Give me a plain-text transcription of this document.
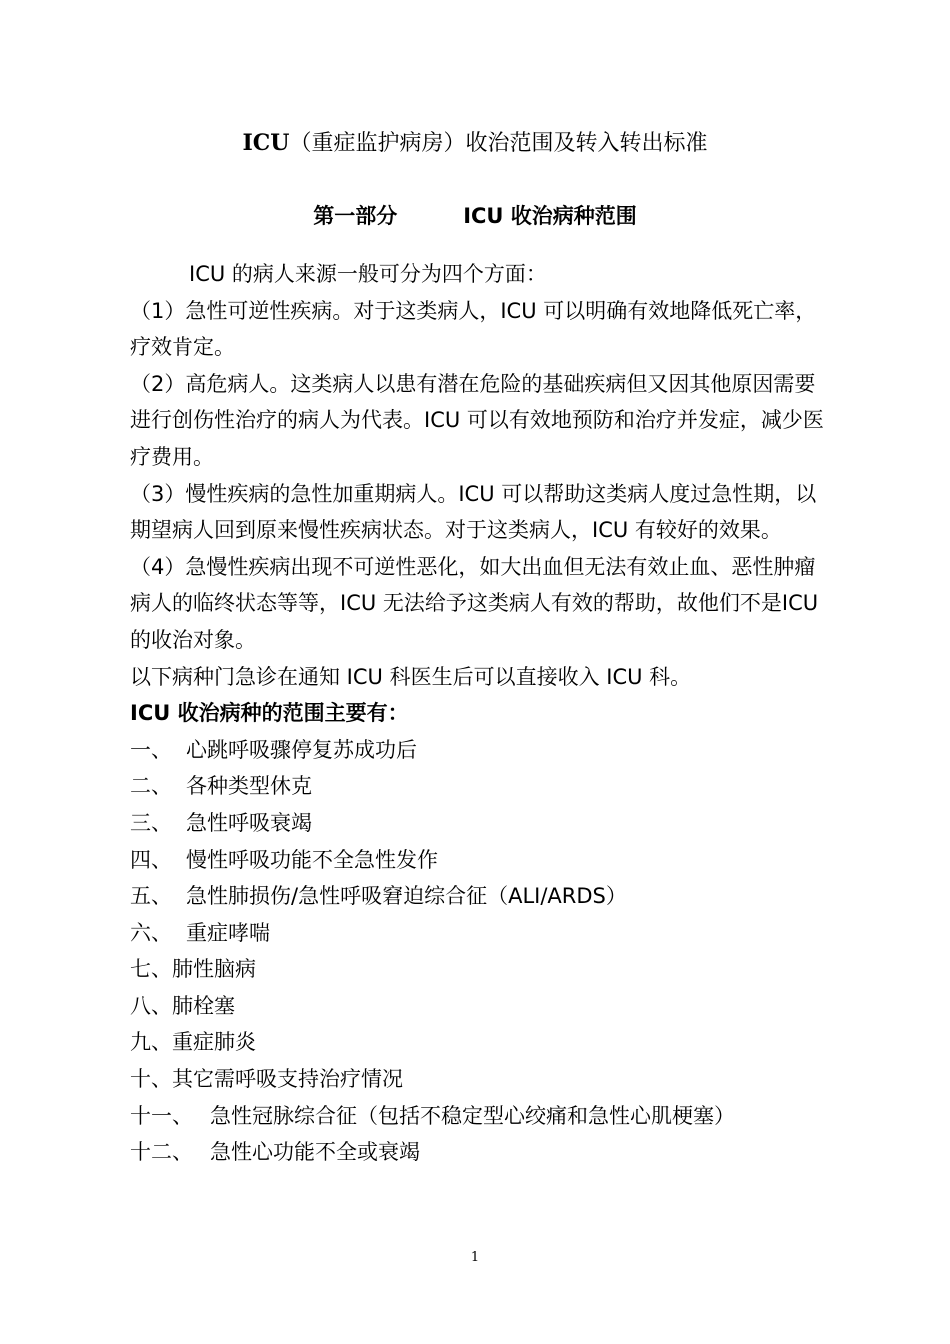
ICU（重症监护病房）收治范围及转入转出标准
第一部分	ICU 收治病种范围

ICU 的病人来源一般可分为四个方面：

（1）急性可逆性疾病。对于这类病人，ICU 可以明确有效地降低死亡率，疗效肯定。

（2）高危病人。这类病人以患有潜在危险的基础疾病但又因其他原因需要进行创伤性治疗的病人为代表。ICU 可以有效地预防和治疗并发症，减少医疗费用。

（3）慢性疾病的急性加重期病人。ICU 可以帮助这类病人度过急性期，以期望病人回到原来慢性疾病状态。对于这类病人，ICU 有较好的效果。

（4）急慢性疾病出现不可逆性恶化，如大出血但无法有效止血、恶性肿瘤病人的临终状态等等，ICU 无法给予这类病人有效的帮助，故他们不是ICU 的收治对象。

以下病种门急诊在通知 ICU 科医生后可以直接收入 ICU 科。

ICU 收治病种的范围主要有：

一、 心跳呼吸骤停复苏成功后

二、 各种类型休克

三、 急性呼吸衰竭

四、 慢性呼吸功能不全急性发作

五、 急性肺损伤/急性呼吸窘迫综合征（ALI/ARDS）

六、 重症哮喘

七、肺性脑病

八、肺栓塞

九、重症肺炎

十、其它需呼吸支持治疗情况

十一、 急性冠脉综合征（包括不稳定型心绞痛和急性心肌梗塞）

十二、 急性心功能不全或衰竭

1
